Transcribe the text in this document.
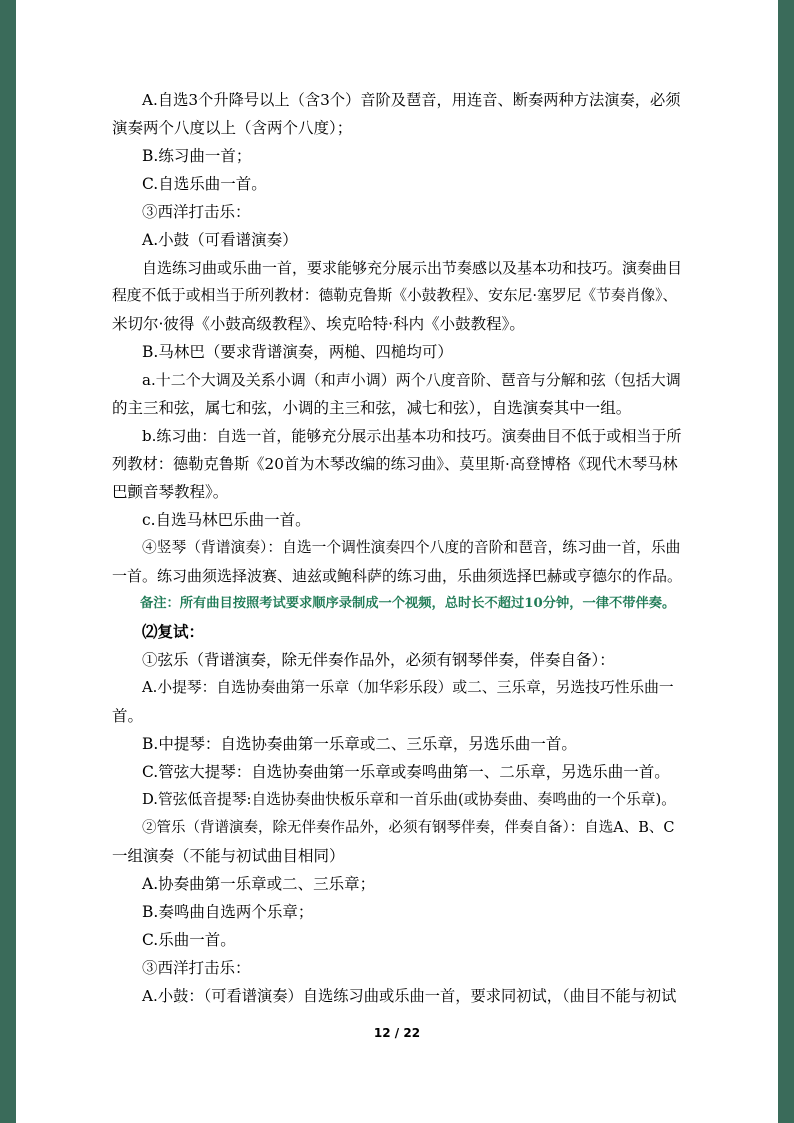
A.自选3个升降号以上（含3个）音阶及琶音，用连音、断奏两种方法演奏，必须
演奏两个八度以上（含两个八度）；
B.练习曲一首；
C.自选乐曲一首。
③西洋打击乐：
A.小鼓（可看谱演奏）
自选练习曲或乐曲一首，要求能够充分展示出节奏感以及基本功和技巧。演奏曲目
程度不低于或相当于所列教材：德勒克鲁斯《小鼓教程》、安东尼·塞罗尼《节奏肖像》、
米切尔·彼得《小鼓高级教程》、埃克哈特·科内《小鼓教程》。
B.马林巴（要求背谱演奏，两槌、四槌均可）
a.十二个大调及关系小调（和声小调）两个八度音阶、琶音与分解和弦（包括大调
的主三和弦，属七和弦，小调的主三和弦，减七和弦），自选演奏其中一组。
b.练习曲：自选一首，能够充分展示出基本功和技巧。演奏曲目不低于或相当于所
列教材：德勒克鲁斯《20首为木琴改编的练习曲》、莫里斯·高登博格《现代木琴马林
巴颤音琴教程》。
c.自选马林巴乐曲一首。
④竖琴（背谱演奏）：自选一个调性演奏四个八度的音阶和琶音，练习曲一首，乐曲
一首。练习曲须选择波赛、迪兹或鲍科萨的练习曲，乐曲须选择巴赫或亨德尔的作品。
备注：所有曲目按照考试要求顺序录制成一个视频，总时长不超过10分钟，一律不带伴奏。
⑵复试：
①弦乐（背谱演奏，除无伴奏作品外，必须有钢琴伴奏，伴奏自备）：
A.小提琴：自选协奏曲第一乐章（加华彩乐段）或二、三乐章，另选技巧性乐曲一
首。
B.中提琴：自选协奏曲第一乐章或二、三乐章，另选乐曲一首。
C.管弦大提琴：自选协奏曲第一乐章或奏鸣曲第一、二乐章，另选乐曲一首。
D.管弦低音提琴:自选协奏曲快板乐章和一首乐曲(或协奏曲、奏鸣曲的一个乐章)。
②管乐（背谱演奏，除无伴奏作品外，必须有钢琴伴奏，伴奏自备）：自选A、B、C
一组演奏（不能与初试曲目相同）
A.协奏曲第一乐章或二、三乐章；
B.奏鸣曲自选两个乐章；
C.乐曲一首。
③西洋打击乐：
A.小鼓：（可看谱演奏）自选练习曲或乐曲一首，要求同初试，（曲目不能与初试
12 / 22
